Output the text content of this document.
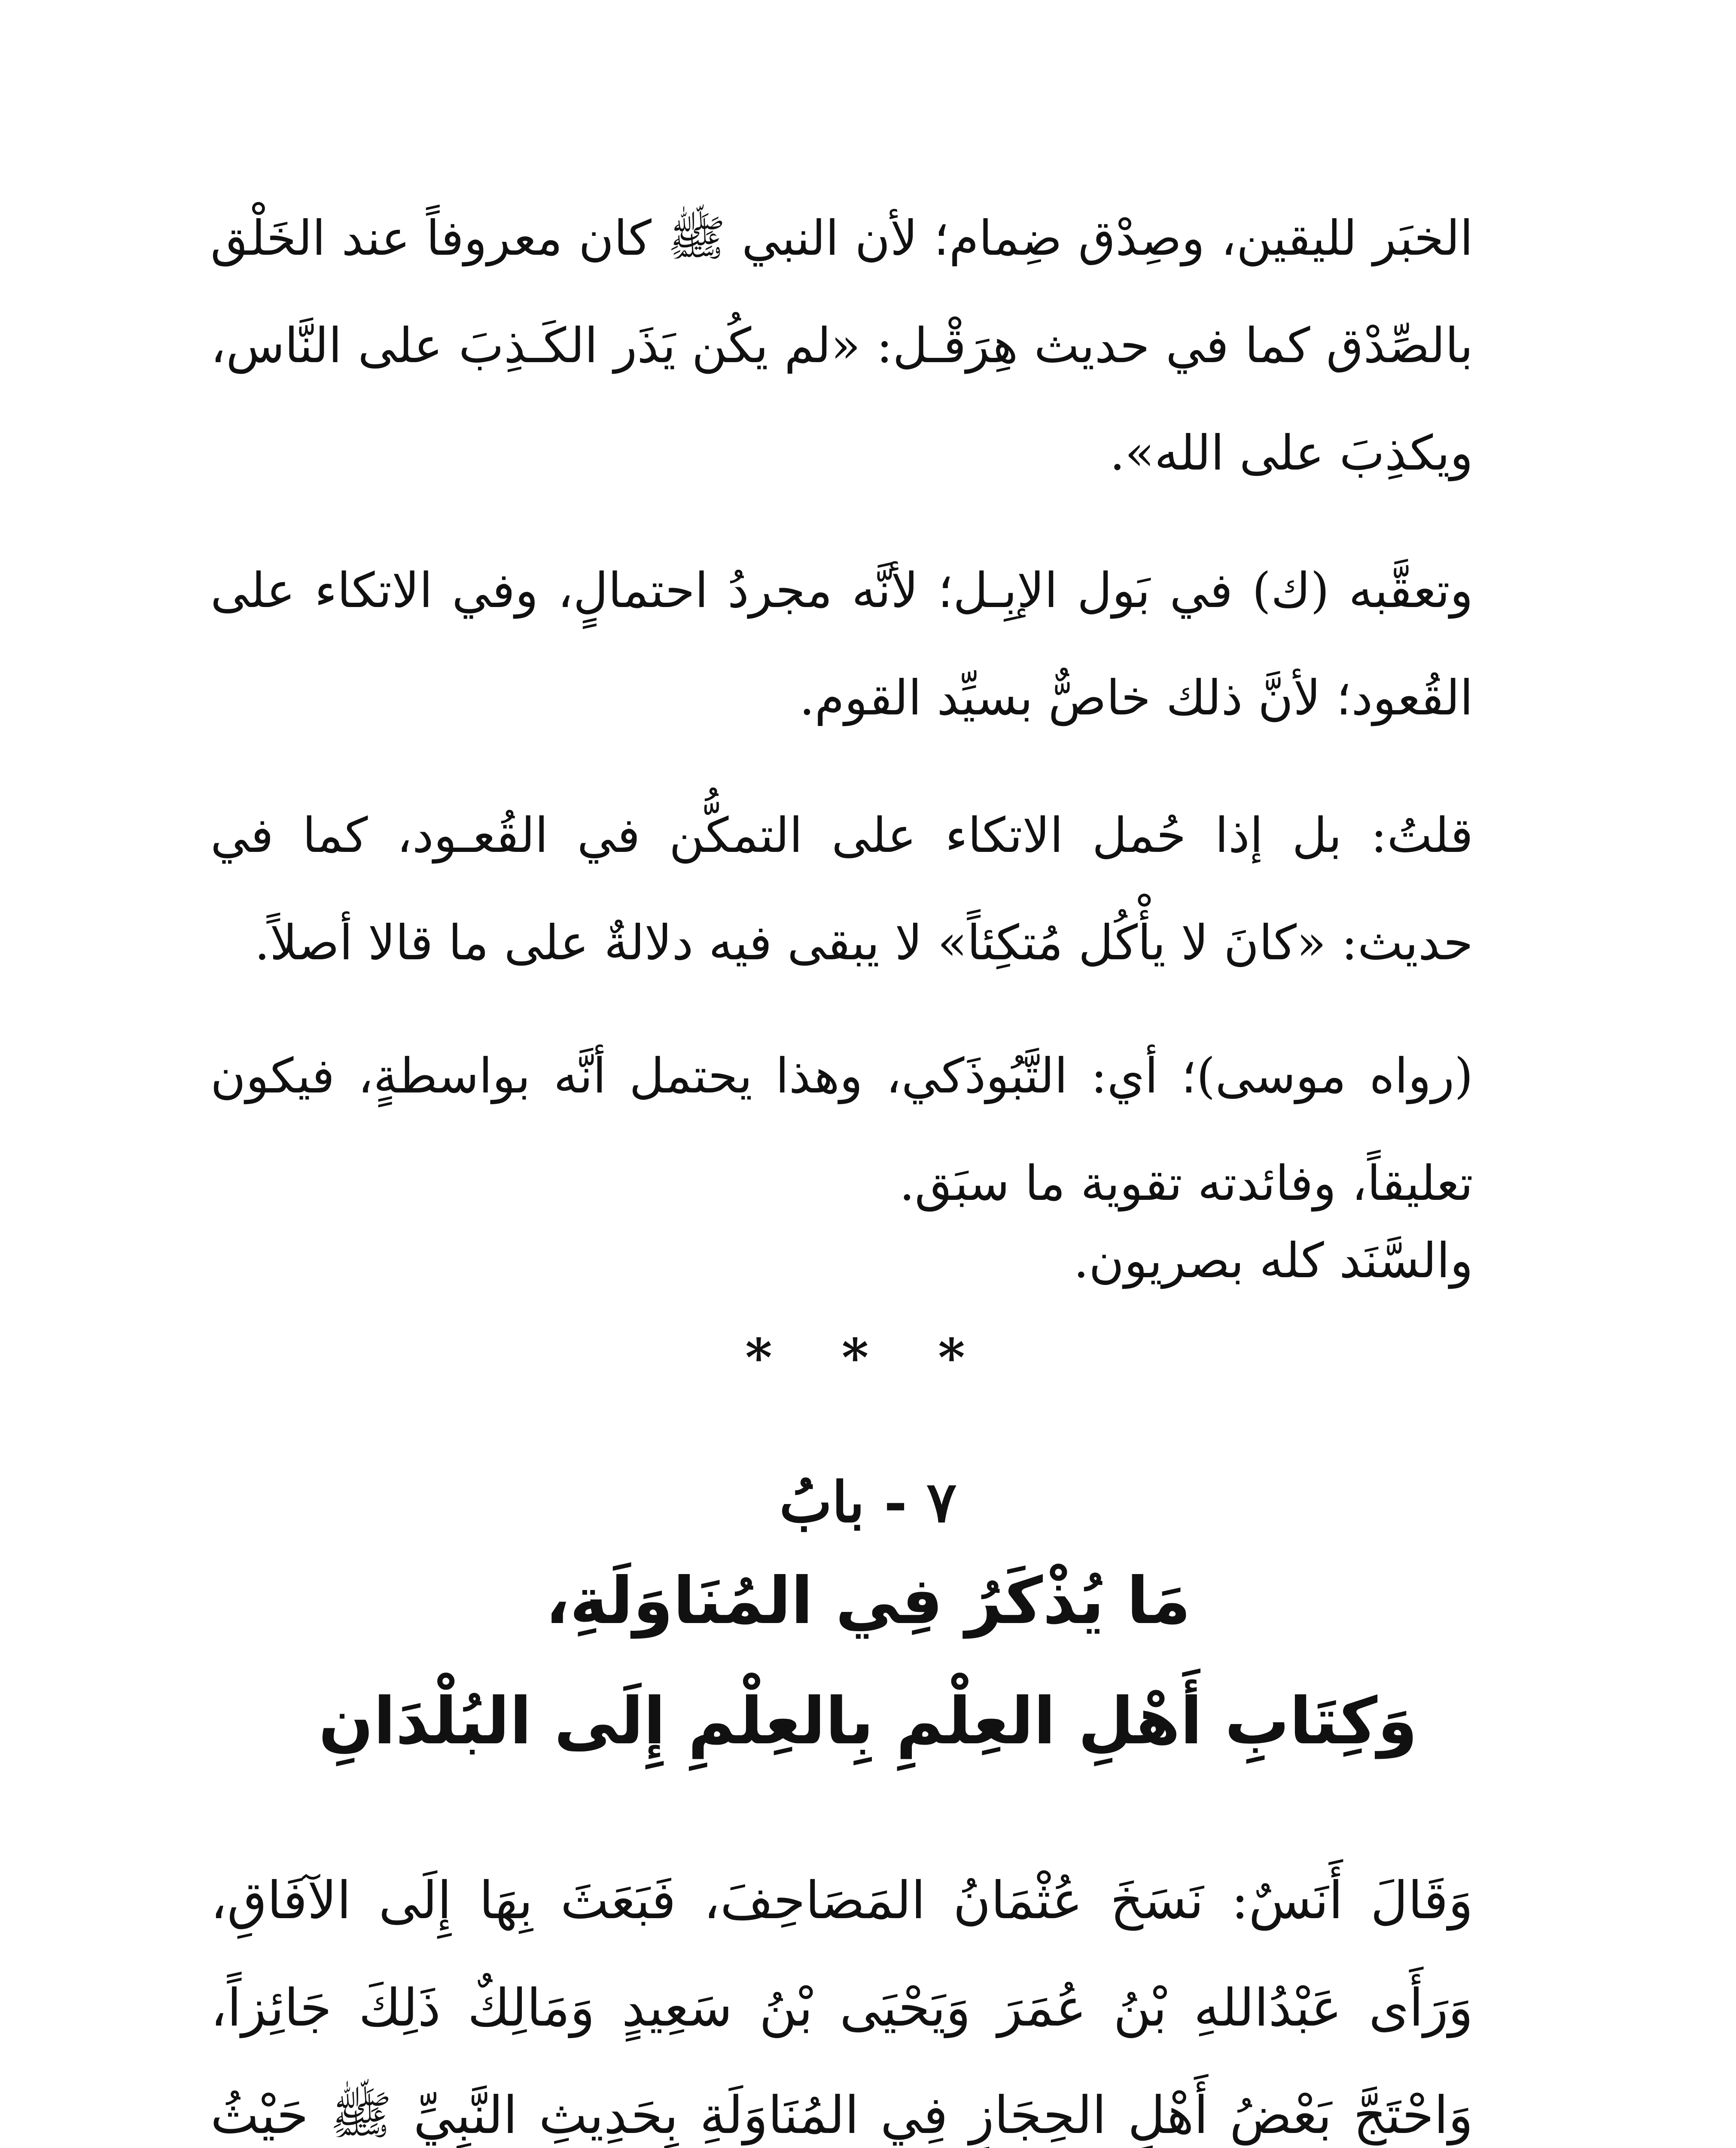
الخبَر لليقين، وصِدْق ضِمام؛ لأن النبي ﷺ كان معروفاً عند الخَلْق بالصِّدْق كما في حديث هِرَقْـل: «لم يكُن يَذَر الكَـذِبَ على النَّاس، ويكذِبَ على الله».

وتعقَّبه (ك) في بَول الإبِـل؛ لأنَّه مجردُ احتمالٍ، وفي الاتكاء على القُعود؛ لأنَّ ذلك خاصٌّ بسيِّد القوم.

قلتُ: بل إذا حُمل الاتكاء على التمكُّن في القُعـود، كما في حديث: «كانَ لا يأْكُل مُتكِئاً» لا يبقى فيه دلالةٌ على ما قالا أصلاً.

(رواه موسى)؛ أي: التَّبُوذَكي، وهذا يحتمل أنَّه بواسطةٍ، فيكون تعليقاً، وفائدته تقوية ما سبَق.

والسَّنَد كله بصريون.

* * *
٧ - بابُ
مَا يُذْكَرُ فِي المُنَاوَلَةِ،
وَكِتَابِ أَهْلِ العِلْمِ بِالعِلْمِ إِلَى البُلْدَانِ

وَقَالَ أَنَسٌ: نَسَخَ عُثْمَانُ المَصَاحِفَ، فَبَعَثَ بِهَا إِلَى الآفَاقِ، وَرَأَى عَبْدُاللهِ بْنُ عُمَرَ وَيَحْيَى بْنُ سَعِيدٍ وَمَالِكٌ ذَلِكَ جَائِزاً، وَاحْتَجَّ بَعْضُ أَهْلِ الحِجَازِ فِي المُنَاوَلَةِ بِحَدِيثِ النَّبِيِّ ﷺ حَيْثُ
